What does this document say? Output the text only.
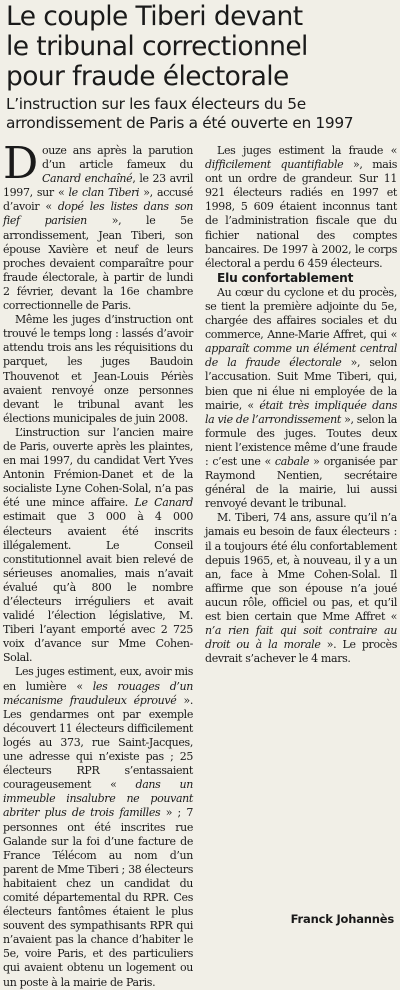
Le couple Tiberi devant
le tribunal correctionnel
pour fraude électorale
L’instruction sur les faux électeurs du 5e
arrondissement de Paris a été ouverte en 1997

Douze ans après la parution d’un article fameux du Canard enchaîné, le 23 avril 1997, sur « le clan Tiberi », accusé d’avoir « dopé les listes dans son fief parisien », le 5e arrondissement, Jean Tiberi, son épouse Xavière et neuf de leurs proches devaient comparaître pour fraude électorale, à partir de lundi 2 février, devant la 16e chambre correctionnelle de Paris.

Même les juges d’instruction ont trouvé le temps long : lassés d’avoir attendu trois ans les réquisitions du parquet, les juges Baudoin Thouvenot et Jean-Louis Périès avaient renvoyé onze personnes devant le tribunal avant les élections municipales de juin 2008.

L’instruction sur l’ancien maire de Paris, ouverte après les plaintes, en mai 1997, du candidat Vert Yves Antonin Frémion-Danet et de la socialiste Lyne Cohen-Solal, n’a pas été une mince affaire. Le Canard estimait que 3 000 à 4 000 électeurs avaient été inscrits illégalement. Le Conseil constitutionnel avait bien relevé de sérieuses anomalies, mais n’avait évalué qu’à 800 le nombre d’électeurs irréguliers et avait validé l’élection législative, M. Tiberi l’ayant emporté avec 2 725 voix d’avance sur Mme Cohen-Solal.

Les juges estiment, eux, avoir mis en lumière « les rouages d’un mécanisme frauduleux éprouvé ». Les gendarmes ont par exemple découvert 11 électeurs difficilement logés au 373, rue Saint-Jacques, une adresse qui n’existe pas ; 25 électeurs RPR s’entassaient courageusement « dans un immeuble insalubre ne pouvant abriter plus de trois familles » ; 7 personnes ont été inscrites rue Galande sur la foi d’une facture de France Télécom au nom d’un parent de Mme Tiberi ; 38 électeurs habitaient chez un candidat du comité départemental du RPR. Ces électeurs fantômes étaient le plus souvent des sympathisants RPR qui n’avaient pas la chance d’habiter le 5e, voire Paris, et des particuliers qui avaient obtenu un logement ou un poste à la mairie de Paris.

Les juges estiment la fraude « difficilement quantifiable », mais ont un ordre de grandeur. Sur 11 921 électeurs radiés en 1997 et 1998, 5 609 étaient inconnus tant de l’administration fiscale que du fichier national des comptes bancaires. De 1997 à 2002, le corps électoral a perdu 6 459 électeurs.

Elu confortablement

Au cœur du cyclone et du procès, se tient la première adjointe du 5e, chargée des affaires sociales et du commerce, Anne-Marie Affret, qui « apparaît comme un élément central de la fraude électorale », selon l’accusation. Suit Mme Tiberi, qui, bien que ni élue ni employée de la mairie, « était très impliquée dans la vie de l’arrondissement », selon la formule des juges. Toutes deux nient l’existence même d’une fraude : c’est une « cabale » organisée par Raymond Nentien, secrétaire général de la mairie, lui aussi renvoyé devant le tribunal.

M. Tiberi, 74 ans, assure qu’il n’a jamais eu besoin de faux électeurs : il a toujours été élu confortablement depuis 1965, et, à nouveau, il y a un an, face à Mme Cohen-Solal. Il affirme que son épouse n’a joué aucun rôle, officiel ou pas, et qu’il est bien certain que Mme Affret « n’a rien fait qui soit contraire au droit ou à la morale ». Le procès devrait s’achever le 4 mars.

Franck Johannès
